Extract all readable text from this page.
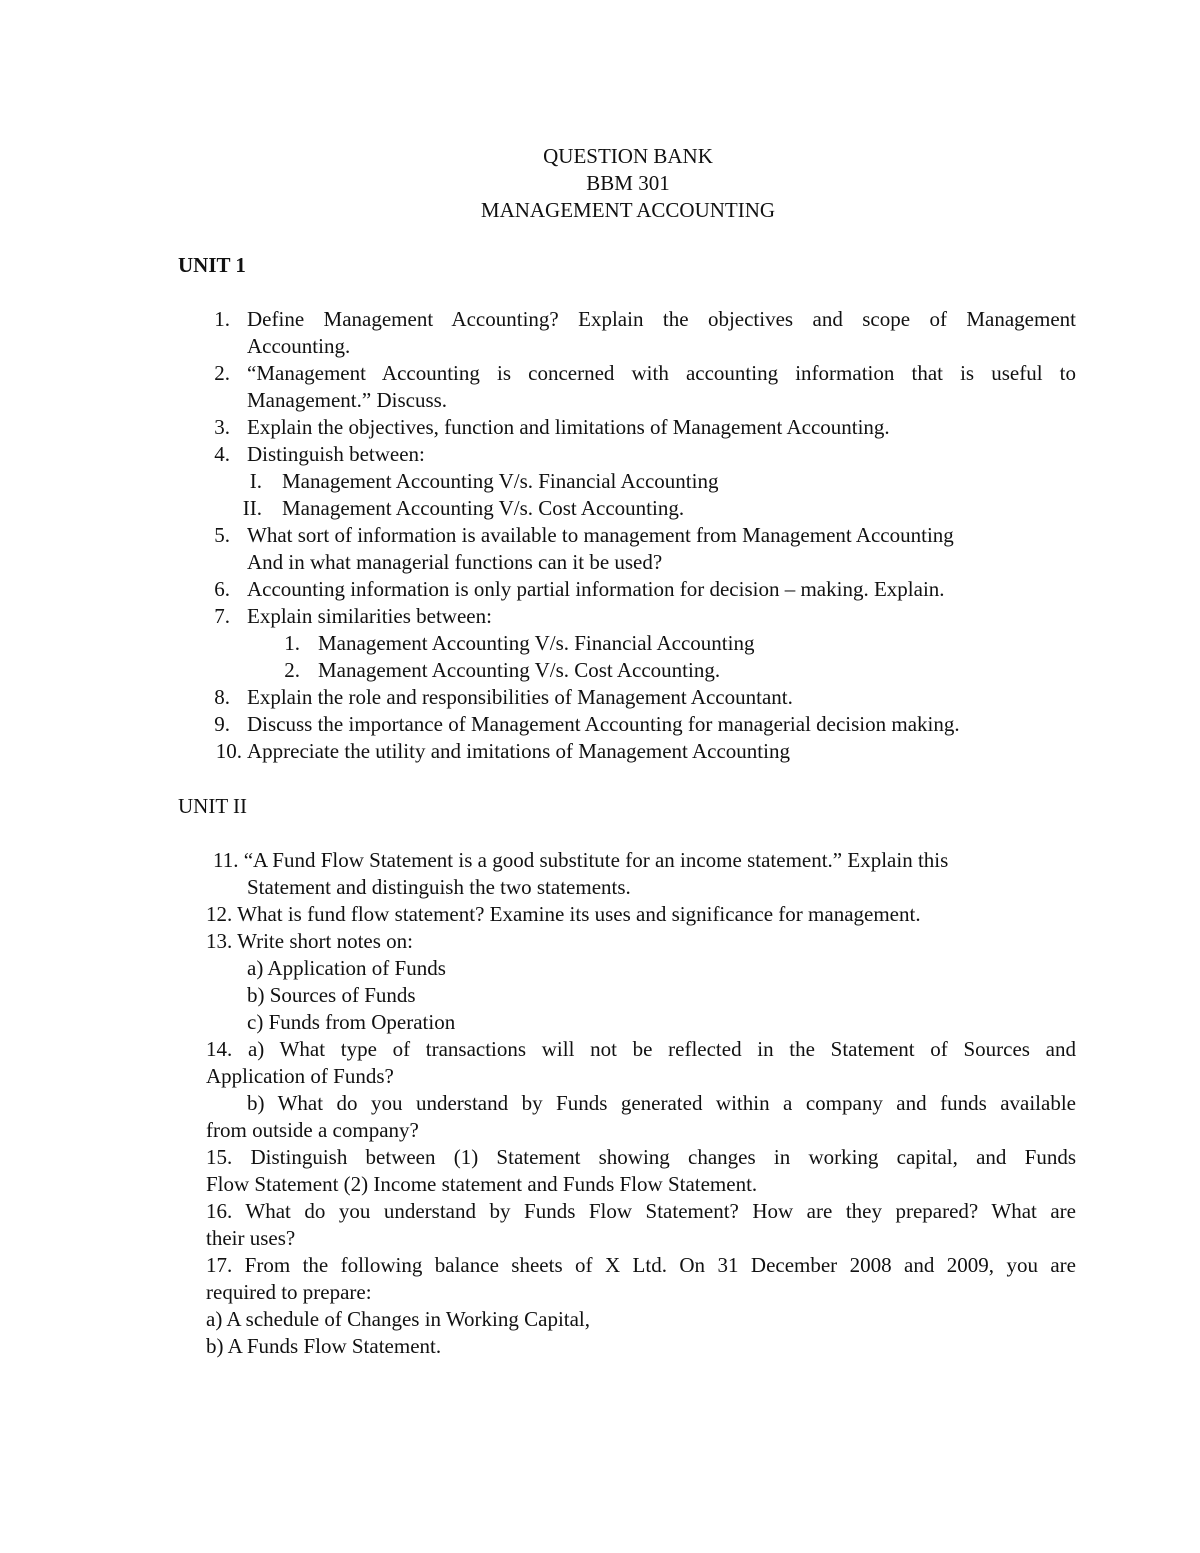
QUESTION BANK
BBM 301
MANAGEMENT ACCOUNTING
UNIT 1
1. Define Management Accounting? Explain the objectives and scope of Management
Accounting.
2. “Management Accounting is concerned with accounting information that is useful to
Management.” Discuss.
3. Explain the objectives, function and limitations of Management Accounting.
4. Distinguish between:
I. Management Accounting V/s. Financial Accounting
II. Management Accounting V/s. Cost Accounting.
5. What sort of information is available to management from Management Accounting
And in what managerial functions can it be used?
6. Accounting information is only partial information for decision – making. Explain.
7. Explain similarities between:
1. Management Accounting V/s. Financial Accounting
2. Management Accounting V/s. Cost Accounting.
8. Explain the role and responsibilities of Management Accountant.
9. Discuss the importance of Management Accounting for managerial decision making.
10. Appreciate the utility and imitations of Management Accounting
UNIT II
11. “A Fund Flow Statement is a good substitute for an income statement.” Explain this
Statement and distinguish the two statements.
12. What is fund flow statement? Examine its uses and significance for management.
13. Write short notes on:
a) Application of Funds
b) Sources of Funds
c) Funds from Operation
14. a) What type of transactions will not be reflected in the Statement of Sources and
Application of Funds?
b) What do you understand by Funds generated within a company and funds available
from outside a company?
15. Distinguish between (1) Statement showing changes in working capital, and Funds
Flow Statement (2) Income statement and Funds Flow Statement.
16. What do you understand by Funds Flow Statement? How are they prepared? What are
their uses?
17. From the following balance sheets of X Ltd. On 31 December 2008 and 2009, you are
required to prepare:
a) A schedule of Changes in Working Capital,
b) A Funds Flow Statement.
